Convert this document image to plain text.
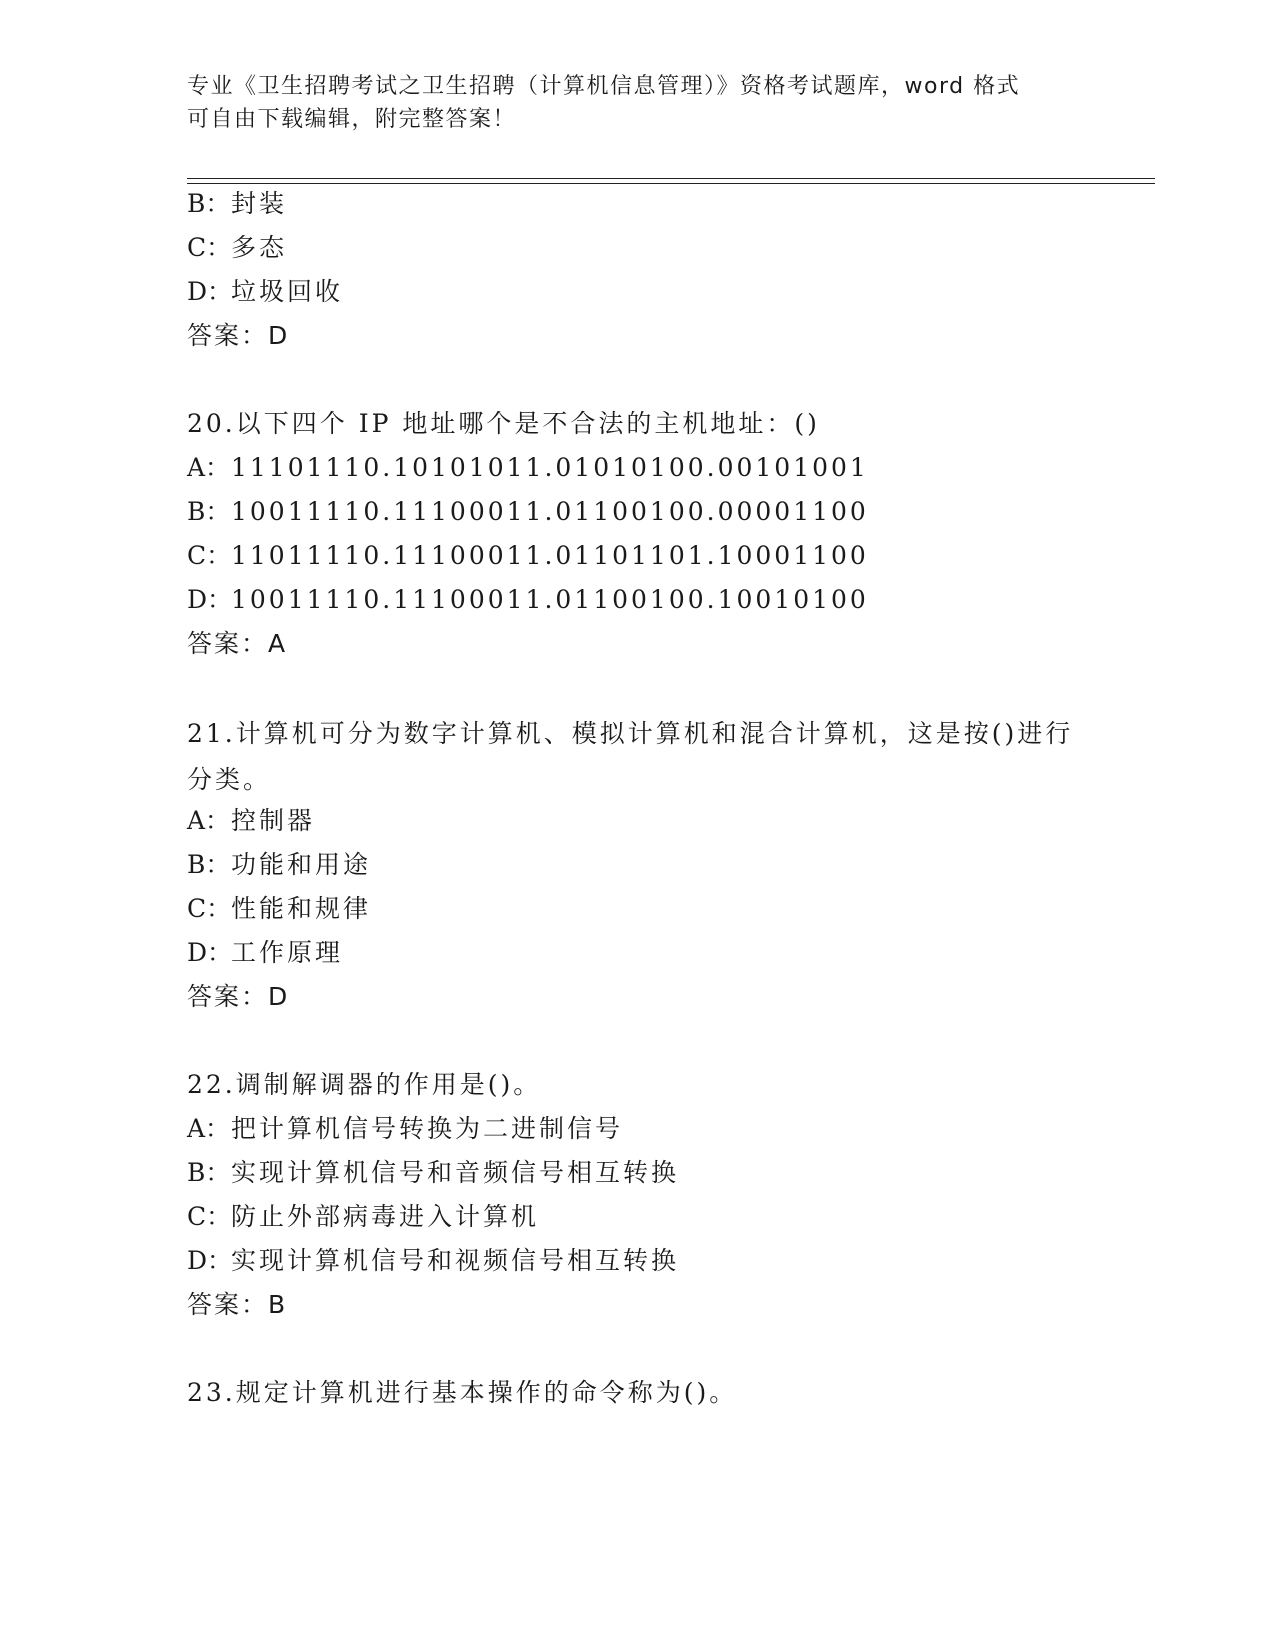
专业《卫生招聘考试之卫生招聘（计算机信息管理）》资格考试题库，word 格式
可自由下载编辑，附完整答案！
B：封装
C：多态
D：垃圾回收
答案：D
20.以下四个 IP 地址哪个是不合法的主机地址：()
A：11101110.10101011.01010100.00101001
B：10011110.11100011.01100100.00001100
C：11011110.11100011.01101101.10001100
D：10011110.11100011.01100100.10010100
答案：A
21.计算机可分为数字计算机、模拟计算机和混合计算机，这是按()进行分类。
A：控制器
B：功能和用途
C：性能和规律
D：工作原理
答案：D
22.调制解调器的作用是()。
A：把计算机信号转换为二进制信号
B：实现计算机信号和音频信号相互转换
C：防止外部病毒进入计算机
D：实现计算机信号和视频信号相互转换
答案：B
23.规定计算机进行基本操作的命令称为()。
